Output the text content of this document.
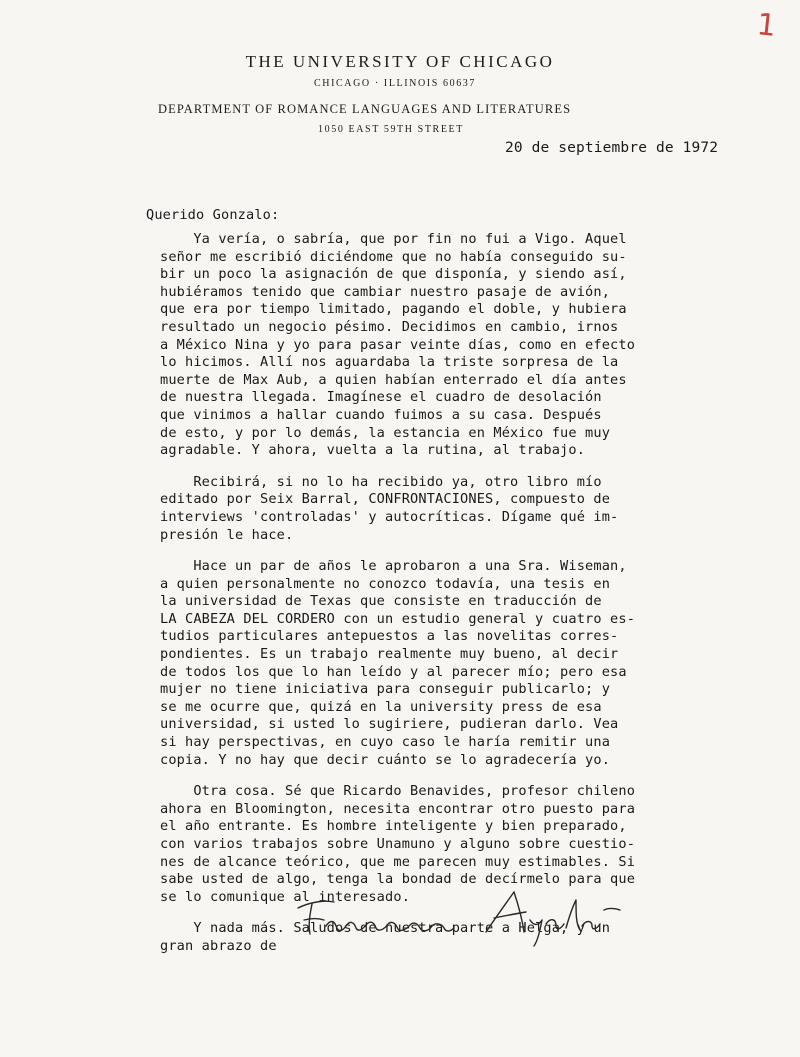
1
THE UNIVERSITY OF CHICAGO
CHICAGO · ILLINOIS 60637
DEPARTMENT OF ROMANCE LANGUAGES AND LITERATURES
1050 EAST 59TH STREET
20 de septiembre de 1972
Querido Gonzalo:
Ya vería, o sabría, que por fin no fui a Vigo. Aquel
señor me escribió diciéndome que no había conseguido su-
bir un poco la asignación de que disponía, y siendo así,
hubiéramos tenido que cambiar nuestro pasaje de avión,
que era por tiempo limitado, pagando el doble, y hubiera
resultado un negocio pésimo. Decidimos en cambio, irnos
a México Nina y yo para pasar veinte días, como en efecto
lo hicimos. Allí nos aguardaba la triste sorpresa de la
muerte de Max Aub, a quien habían enterrado el día antes
de nuestra llegada. Imagínese el cuadro de desolación
que vinimos a hallar cuando fuimos a su casa. Después
de esto, y por lo demás, la estancia en México fue muy
agradable. Y ahora, vuelta a la rutina, al trabajo.
Recibirá, si no lo ha recibido ya, otro libro mío
editado por Seix Barral, CONFRONTACIONES, compuesto de
interviews 'controladas' y autocríticas. Dígame qué im-
presión le hace.
Hace un par de años le aprobaron a una Sra. Wiseman,
a quien personalmente no conozco todavía, una tesis en
la universidad de Texas que consiste en traducción de
LA CABEZA DEL CORDERO con un estudio general y cuatro es-
tudios particulares antepuestos a las novelitas corres-
pondientes. Es un trabajo realmente muy bueno, al decir
de todos los que lo han leído y al parecer mío; pero esa
mujer no tiene iniciativa para conseguir publicarlo; y
se me ocurre que, quizá en la university press de esa
universidad, si usted lo sugiriere, pudieran darlo. Vea
si hay perspectivas, en cuyo caso le haría remitir una
copia. Y no hay que decir cuánto se lo agradecería yo.
Otra cosa. Sé que Ricardo Benavides, profesor chileno
ahora en Bloomington, necesita encontrar otro puesto para
el año entrante. Es hombre inteligente y bien preparado,
con varios trabajos sobre Unamuno y alguno sobre cuestio-
nes de alcance teórico, que me parecen muy estimables. Si
sabe usted de algo, tenga la bondad de decírmelo para que
se lo comunique al interesado.
Y nada más. Saludos de nuestra parte a Helga, y un
gran abrazo de
